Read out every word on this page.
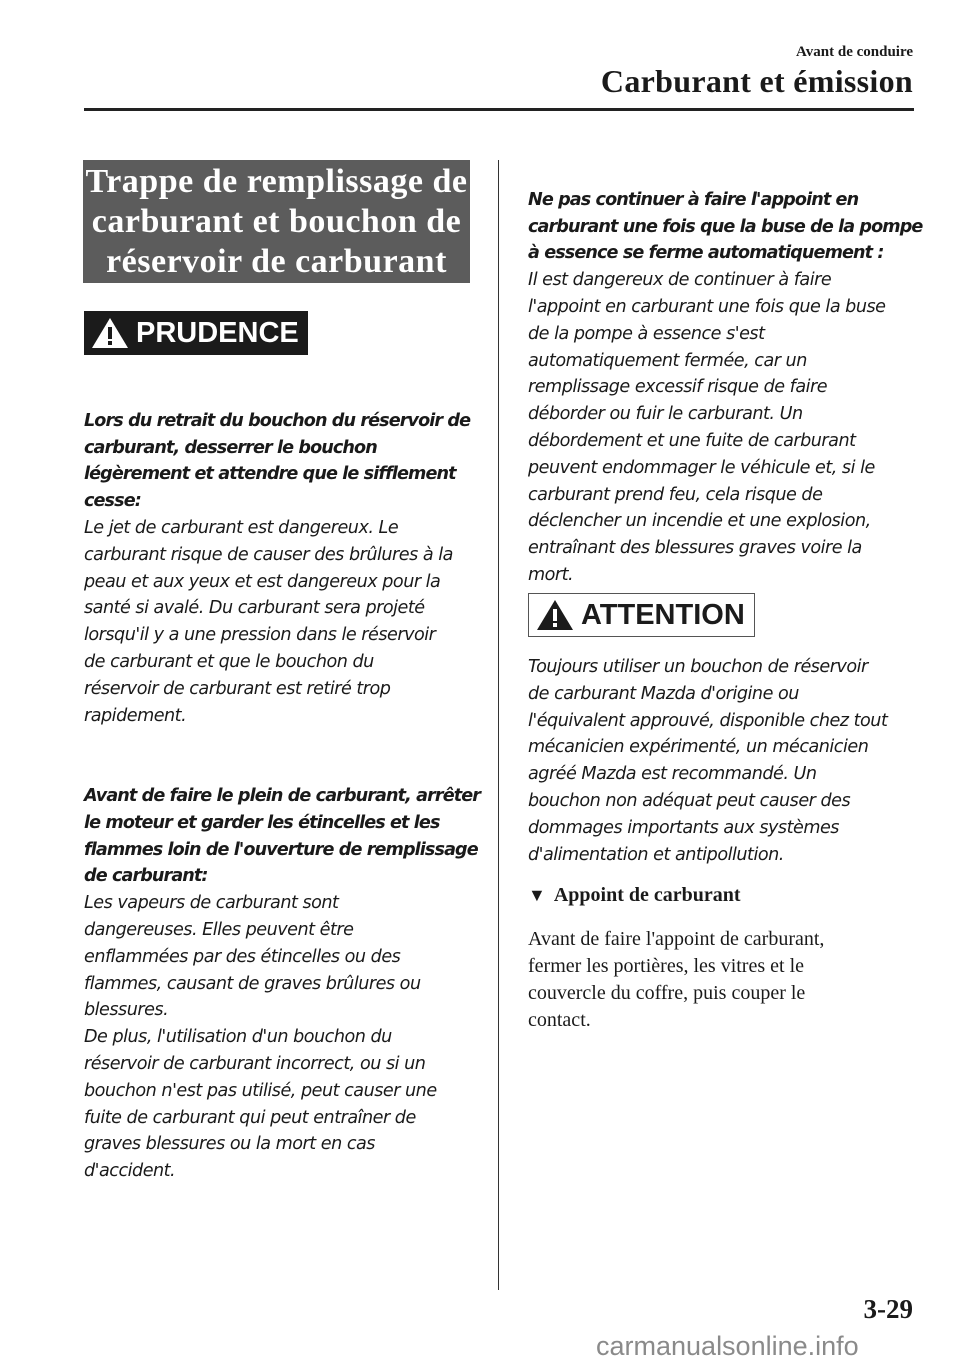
Avant de conduire
Carburant et émission
Trappe de remplissage de
carburant et bouchon de
réservoir de carburant
PRUDENCE

Lors du retrait du bouchon du réservoir de
carburant, desserrer le bouchon
légèrement et attendre que le sifflement
cesse:
Le jet de carburant est dangereux. Le
carburant risque de causer des brûlures à la
peau et aux yeux et est dangereux pour la
santé si avalé. Du carburant sera projeté
lorsqu'il y a une pression dans le réservoir
de carburant et que le bouchon du
réservoir de carburant est retiré trop
rapidement.

Avant de faire le plein de carburant, arrêter
le moteur et garder les étincelles et les
flammes loin de l'ouverture de remplissage
de carburant:
Les vapeurs de carburant sont
dangereuses. Elles peuvent être
enflammées par des étincelles ou des
flammes, causant de graves brûlures ou
blessures.
De plus, l'utilisation d'un bouchon du
réservoir de carburant incorrect, ou si un
bouchon n'est pas utilisé, peut causer une
fuite de carburant qui peut entraîner de
graves blessures ou la mort en cas
d'accident.

Ne pas continuer à faire l'appoint en
carburant une fois que la buse de la pompe
à essence se ferme automatiquement :
Il est dangereux de continuer à faire
l'appoint en carburant une fois que la buse
de la pompe à essence s'est
automatiquement fermée, car un
remplissage excessif risque de faire
déborder ou fuir le carburant. Un
débordement et une fuite de carburant
peuvent endommager le véhicule et, si le
carburant prend feu, cela risque de
déclencher un incendie et une explosion,
entraînant des blessures graves voire la
mort.

ATTENTION
Toujours utiliser un bouchon de réservoir
de carburant Mazda d'origine ou
l'équivalent approuvé, disponible chez tout
mécanicien expérimenté, un mécanicien
agréé Mazda est recommandé. Un
bouchon non adéquat peut causer des
dommages importants aux systèmes
d'alimentation et antipollution.
▼ Appoint de carburant
Avant de faire l'appoint de carburant,
fermer les portières, les vitres et le
couvercle du coffre, puis couper le
contact.
3-29
carmanualsonline.info
